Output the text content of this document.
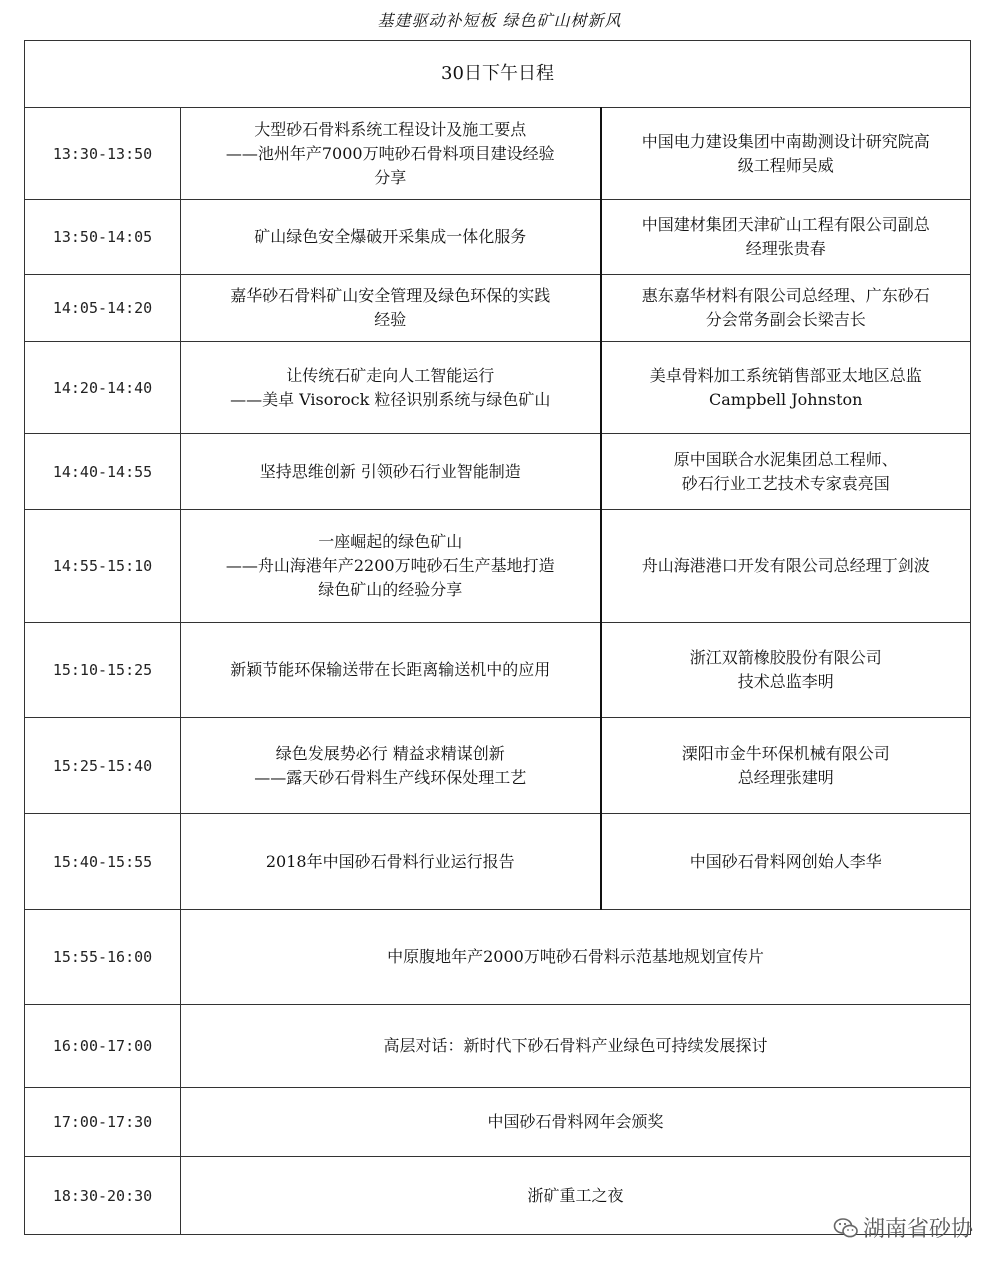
基建驱动补短板 绿色矿山树新风
30日下午日程		
13:30-13:50	大型砂石骨料系统工程设计及施工要点
——池州年产7000万吨砂石骨料项目建设经验
分享	中国电力建设集团中南勘测设计研究院高
级工程师吴威

13:50-14:05	矿山绿色安全爆破开采集成一体化服务	中国建材集团天津矿山工程有限公司副总
经理张贵春

14:05-14:20	嘉华砂石骨料矿山安全管理及绿色环保的实践
经验	惠东嘉华材料有限公司总经理、广东砂石
分会常务副会长梁吉长

14:20-14:40	让传统石矿走向人工智能运行
——美卓 Visorock 粒径识别系统与绿色矿山	美卓骨料加工系统销售部亚太地区总监
Campbell Johnston

14:40-14:55	坚持思维创新 引领砂石行业智能制造	原中国联合水泥集团总工程师、
砂石行业工艺技术专家袁亮国

14:55-15:10	一座崛起的绿色矿山
——舟山海港年产2200万吨砂石生产基地打造
绿色矿山的经验分享	舟山海港港口开发有限公司总经理丁剑波

15:10-15:25	新颖节能环保输送带在长距离输送机中的应用	浙江双箭橡胶股份有限公司
技术总监李明

15:25-15:40	绿色发展势必行 精益求精谋创新
——露天砂石骨料生产线环保处理工艺	溧阳市金牛环保机械有限公司
总经理张建明

15:40-15:55	2018年中国砂石骨料行业运行报告	中国砂石骨料网创始人李华

15:55-16:00	中原腹地年产2000万吨砂石骨料示范基地规划宣传片	
16:00-17:00	高层对话：新时代下砂石骨料产业绿色可持续发展探讨	
17:00-17:30	中国砂石骨料网年会颁奖	
18:30-20:30	浙矿重工之夜	
湖南省砂协
